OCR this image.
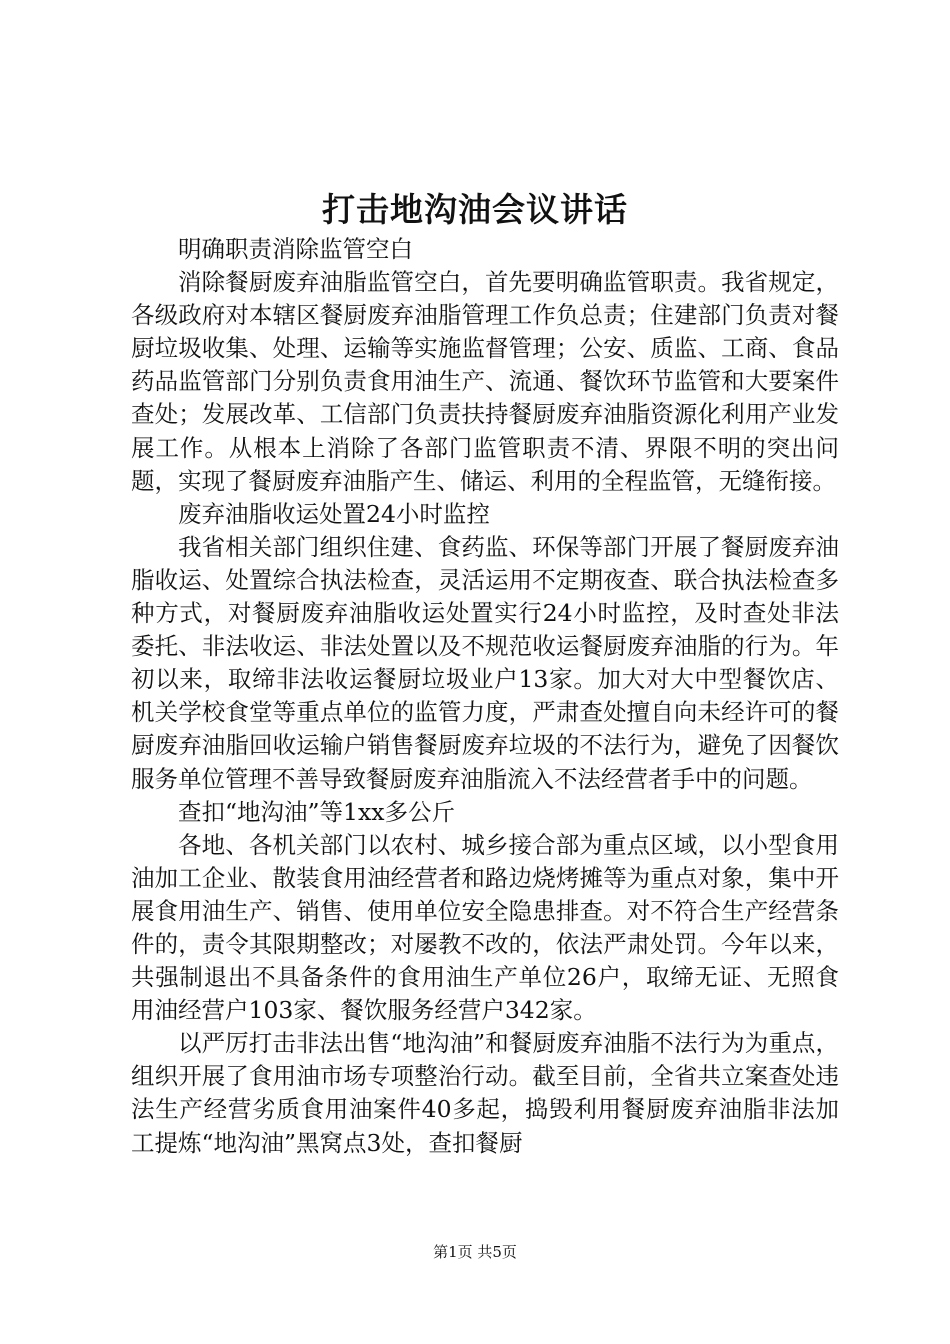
打击地沟油会议讲话

明确职责消除监管空白

消除餐厨废弃油脂监管空白，首先要明确监管职责。我省规定，各级政府对本辖区餐厨废弃油脂管理工作负总责；住建部门负责对餐厨垃圾收集、处理、运输等实施监督管理；公安、质监、工商、食品药品监管部门分别负责食用油生产、流通、餐饮环节监管和大要案件查处；发展改革、工信部门负责扶持餐厨废弃油脂资源化利用产业发展工作。从根本上消除了各部门监管职责不清、界限不明的突出问题，实现了餐厨废弃油脂产生、储运、利用的全程监管，无缝衔接。

废弃油脂收运处置24小时监控

我省相关部门组织住建、食药监、环保等部门开展了餐厨废弃油脂收运、处置综合执法检查，灵活运用不定期夜查、联合执法检查多种方式，对餐厨废弃油脂收运处置实行24小时监控，及时查处非法委托、非法收运、非法处置以及不规范收运餐厨废弃油脂的行为。年初以来，取缔非法收运餐厨垃圾业户13家。加大对大中型餐饮店、机关学校食堂等重点单位的监管力度，严肃查处擅自向未经许可的餐厨废弃油脂回收运输户销售餐厨废弃垃圾的不法行为，避免了因餐饮服务单位管理不善导致餐厨废弃油脂流入不法经营者手中的问题。

查扣“地沟油”等1xx多公斤

各地、各机关部门以农村、城乡接合部为重点区域，以小型食用油加工企业、散装食用油经营者和路边烧烤摊等为重点对象，集中开展食用油生产、销售、使用单位安全隐患排查。对不符合生产经营条件的，责令其限期整改；对屡教不改的，依法严肃处罚。今年以来，共强制退出不具备条件的食用油生产单位26户，取缔无证、无照食用油经营户103家、餐饮服务经营户342家。

以严厉打击非法出售“地沟油”和餐厨废弃油脂不法行为为重点，组织开展了食用油市场专项整治行动。截至目前，全省共立案查处违法生产经营劣质食用油案件40多起，捣毁利用餐厨废弃油脂非法加工提炼“地沟油”黑窝点3处，查扣餐厨

第1页 共5页
